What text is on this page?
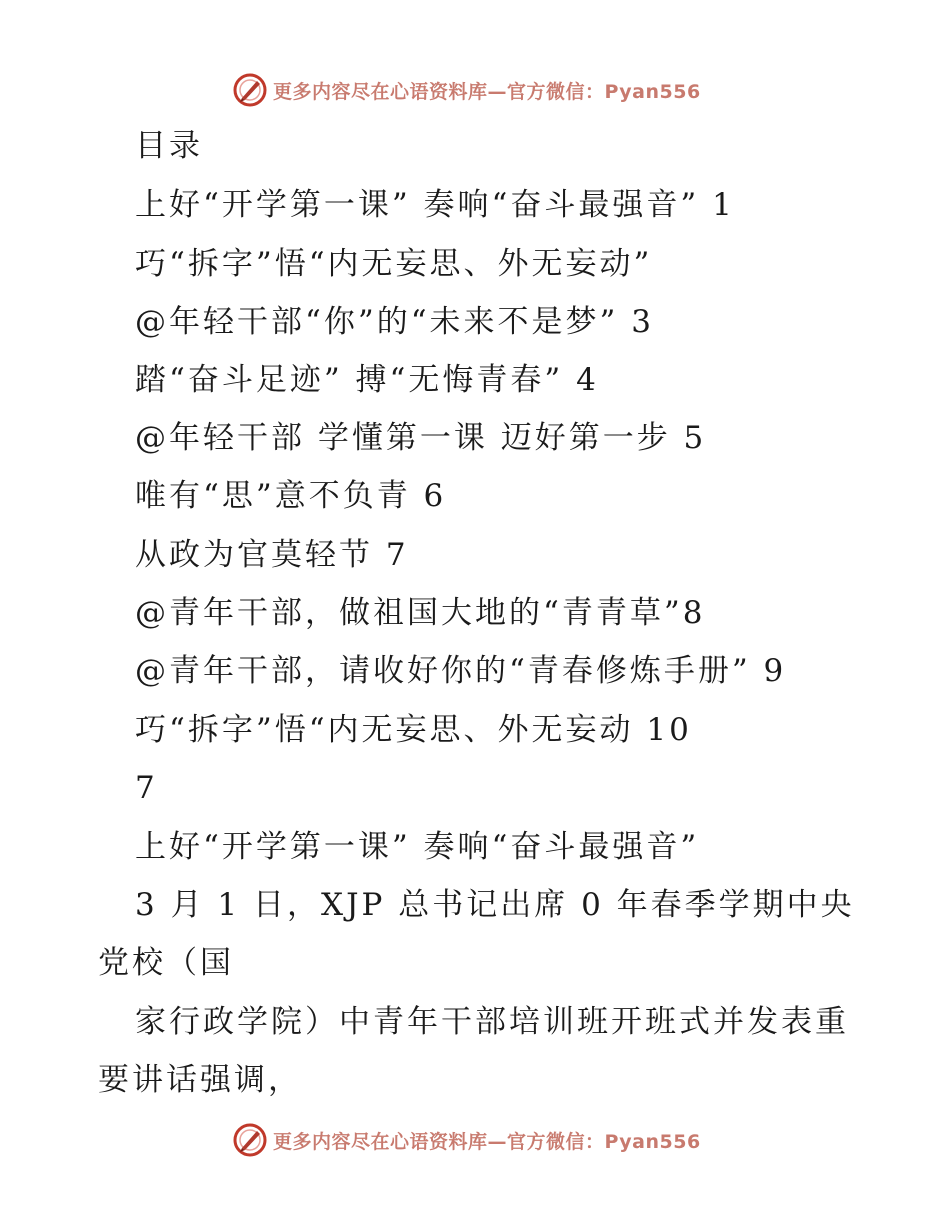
更多内容尽在心语资料库—官方微信：Pyan556
目录
上好“开学第一课” 奏响“奋斗最强音” 1
巧“拆字”悟“内无妄思、外无妄动”
@年轻干部“你”的“未来不是梦” 3
踏“奋斗足迹” 搏“无悔青春” 4
@年轻干部 学懂第一课 迈好第一步 5
唯有“思”意不负青 6
从政为官莫轻节 7
@青年干部，做祖国大地的“青青草”8
@青年干部，请收好你的“青春修炼手册” 9
巧“拆字”悟“内无妄思、外无妄动 10
7
上好“开学第一课” 奏响“奋斗最强音”
3 月 1 日，XJP 总书记出席 0 年春季学期中央
党校（国
家行政学院）中青年干部培训班开班式并发表重
要讲话强调，
更多内容尽在心语资料库—官方微信：Pyan556
